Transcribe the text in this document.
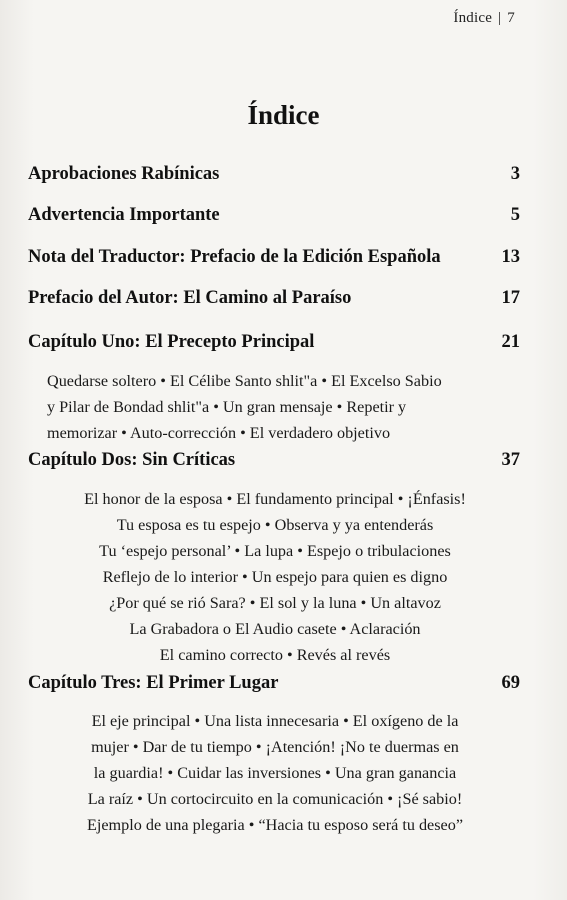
Índice | 7
Índice
Aprobaciones Rabínicas	3
Advertencia Importante	5
Nota del Traductor: Prefacio de la Edición Española	13
Prefacio del Autor: El Camino al Paraíso	17
Capítulo Uno: El Precepto Principal	21
Quedarse soltero • El Célibe Santo shlit"a • El Excelso Sabio
y Pilar de Bondad shlit"a • Un gran mensaje • Repetir y
memorizar • Auto-corrección • El verdadero objetivo
Capítulo Dos: Sin Críticas	37
El honor de la esposa • El fundamento principal • ¡Énfasis!
Tu esposa es tu espejo • Observa y ya entenderás
Tu ‘espejo personal’ • La lupa • Espejo o tribulaciones
Reflejo de lo interior • Un espejo para quien es digno
¿Por qué se rió Sara? • El sol y la luna • Un altavoz
La Grabadora o El Audio casete • Aclaración
El camino correcto • Revés al revés
Capítulo Tres: El Primer Lugar	69
El eje principal • Una lista innecesaria • El oxígeno de la
mujer • Dar de tu tiempo • ¡Atención! ¡No te duermas en
la guardia! • Cuidar las inversiones • Una gran ganancia
La raíz • Un cortocircuito en la comunicación • ¡Sé sabio!
Ejemplo de una plegaria • “Hacia tu esposo será tu deseo”
